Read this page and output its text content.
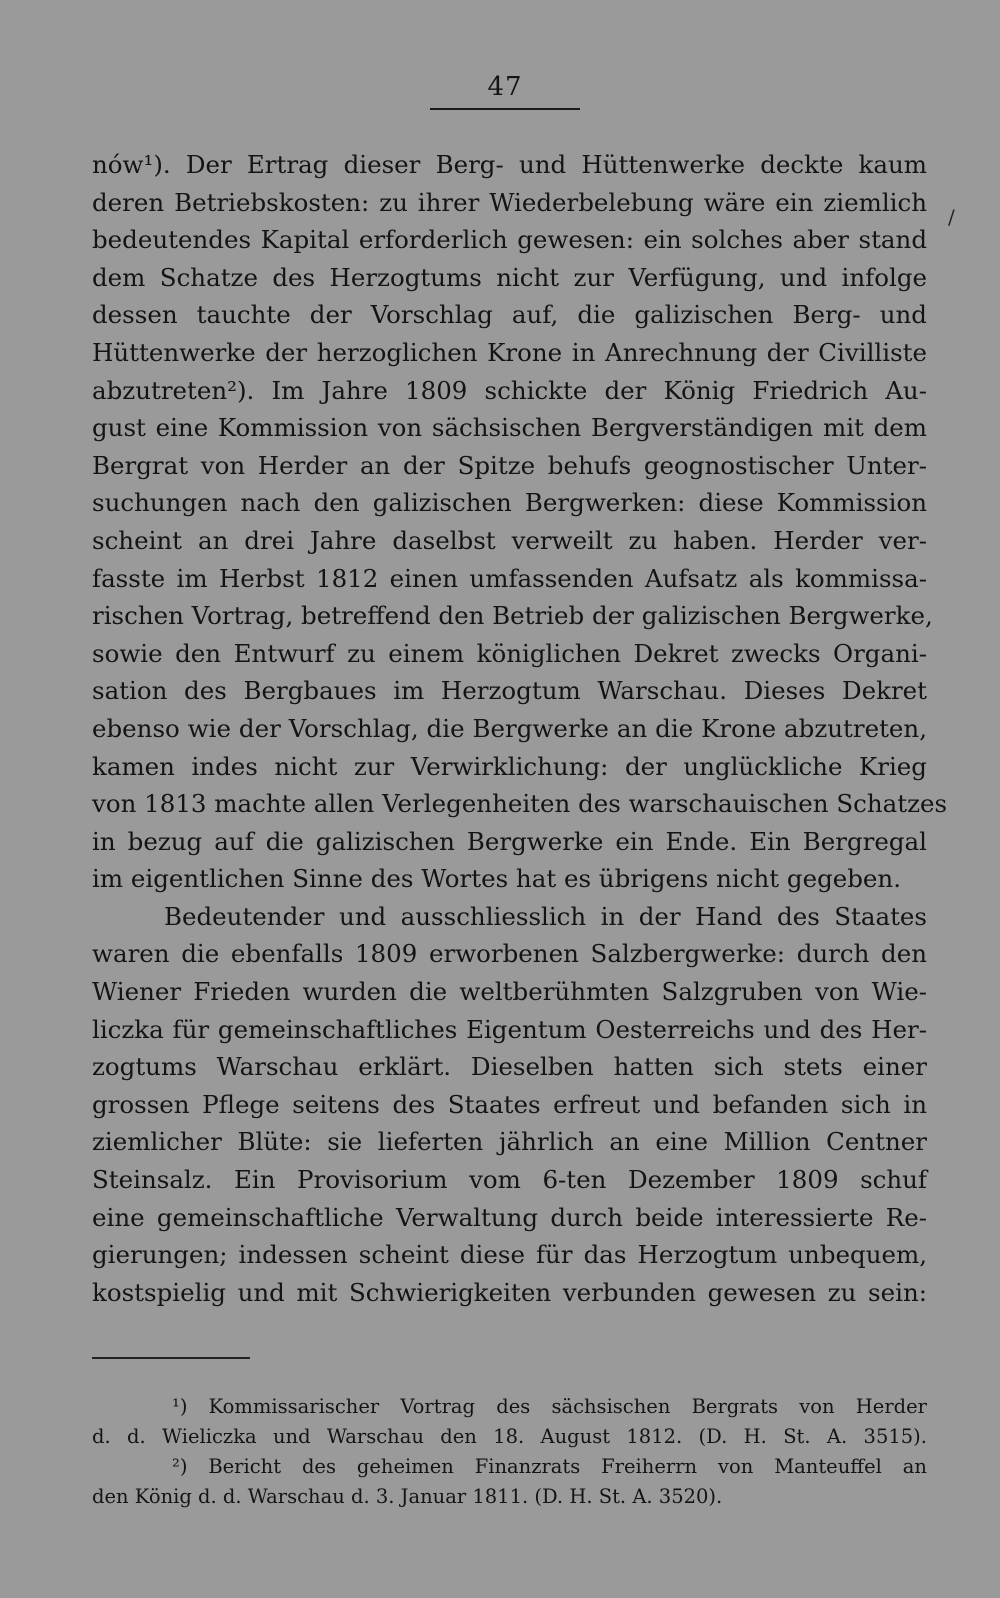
47
/
nów¹). Der Ertrag dieser Berg- und Hüttenwerke deckte kaum
deren Betriebskosten: zu ihrer Wiederbelebung wäre ein ziemlich
bedeutendes Kapital erforderlich gewesen: ein solches aber stand
dem Schatze des Herzogtums nicht zur Verfügung, und infolge
dessen tauchte der Vorschlag auf, die galizischen Berg- und
Hüttenwerke der herzoglichen Krone in Anrechnung der Civilliste
abzutreten²). Im Jahre 1809 schickte der König Friedrich Au-
gust eine Kommission von sächsischen Bergverständigen mit dem
Bergrat von Herder an der Spitze behufs geognostischer Unter-
suchungen nach den galizischen Bergwerken: diese Kommission
scheint an drei Jahre daselbst verweilt zu haben. Herder ver-
fasste im Herbst 1812 einen umfassenden Aufsatz als kommissa-
rischen Vortrag, betreffend den Betrieb der galizischen Bergwerke,
sowie den Entwurf zu einem königlichen Dekret zwecks Organi-
sation des Bergbaues im Herzogtum Warschau. Dieses Dekret
ebenso wie der Vorschlag, die Bergwerke an die Krone abzutreten,
kamen indes nicht zur Verwirklichung: der unglückliche Krieg
von 1813 machte allen Verlegenheiten des warschauischen Schatzes
in bezug auf die galizischen Bergwerke ein Ende. Ein Bergregal
im eigentlichen Sinne des Wortes hat es übrigens nicht gegeben.
Bedeutender und ausschliesslich in der Hand des Staates
waren die ebenfalls 1809 erworbenen Salzbergwerke: durch den
Wiener Frieden wurden die weltberühmten Salzgruben von Wie-
liczka für gemeinschaftliches Eigentum Oesterreichs und des Her-
zogtums Warschau erklärt. Dieselben hatten sich stets einer
grossen Pflege seitens des Staates erfreut und befanden sich in
ziemlicher Blüte: sie lieferten jährlich an eine Million Centner
Steinsalz. Ein Provisorium vom 6-ten Dezember 1809 schuf
eine gemeinschaftliche Verwaltung durch beide interessierte Re-
gierungen; indessen scheint diese für das Herzogtum unbequem,
kostspielig und mit Schwierigkeiten verbunden gewesen zu sein:
¹) Kommissarischer Vortrag des sächsischen Bergrats von Herder
d. d. Wieliczka und Warschau den 18. August 1812. (D. H. St. A. 3515).
²) Bericht des geheimen Finanzrats Freiherrn von Manteuffel an
den König d. d. Warschau d. 3. Januar 1811. (D. H. St. A. 3520).
